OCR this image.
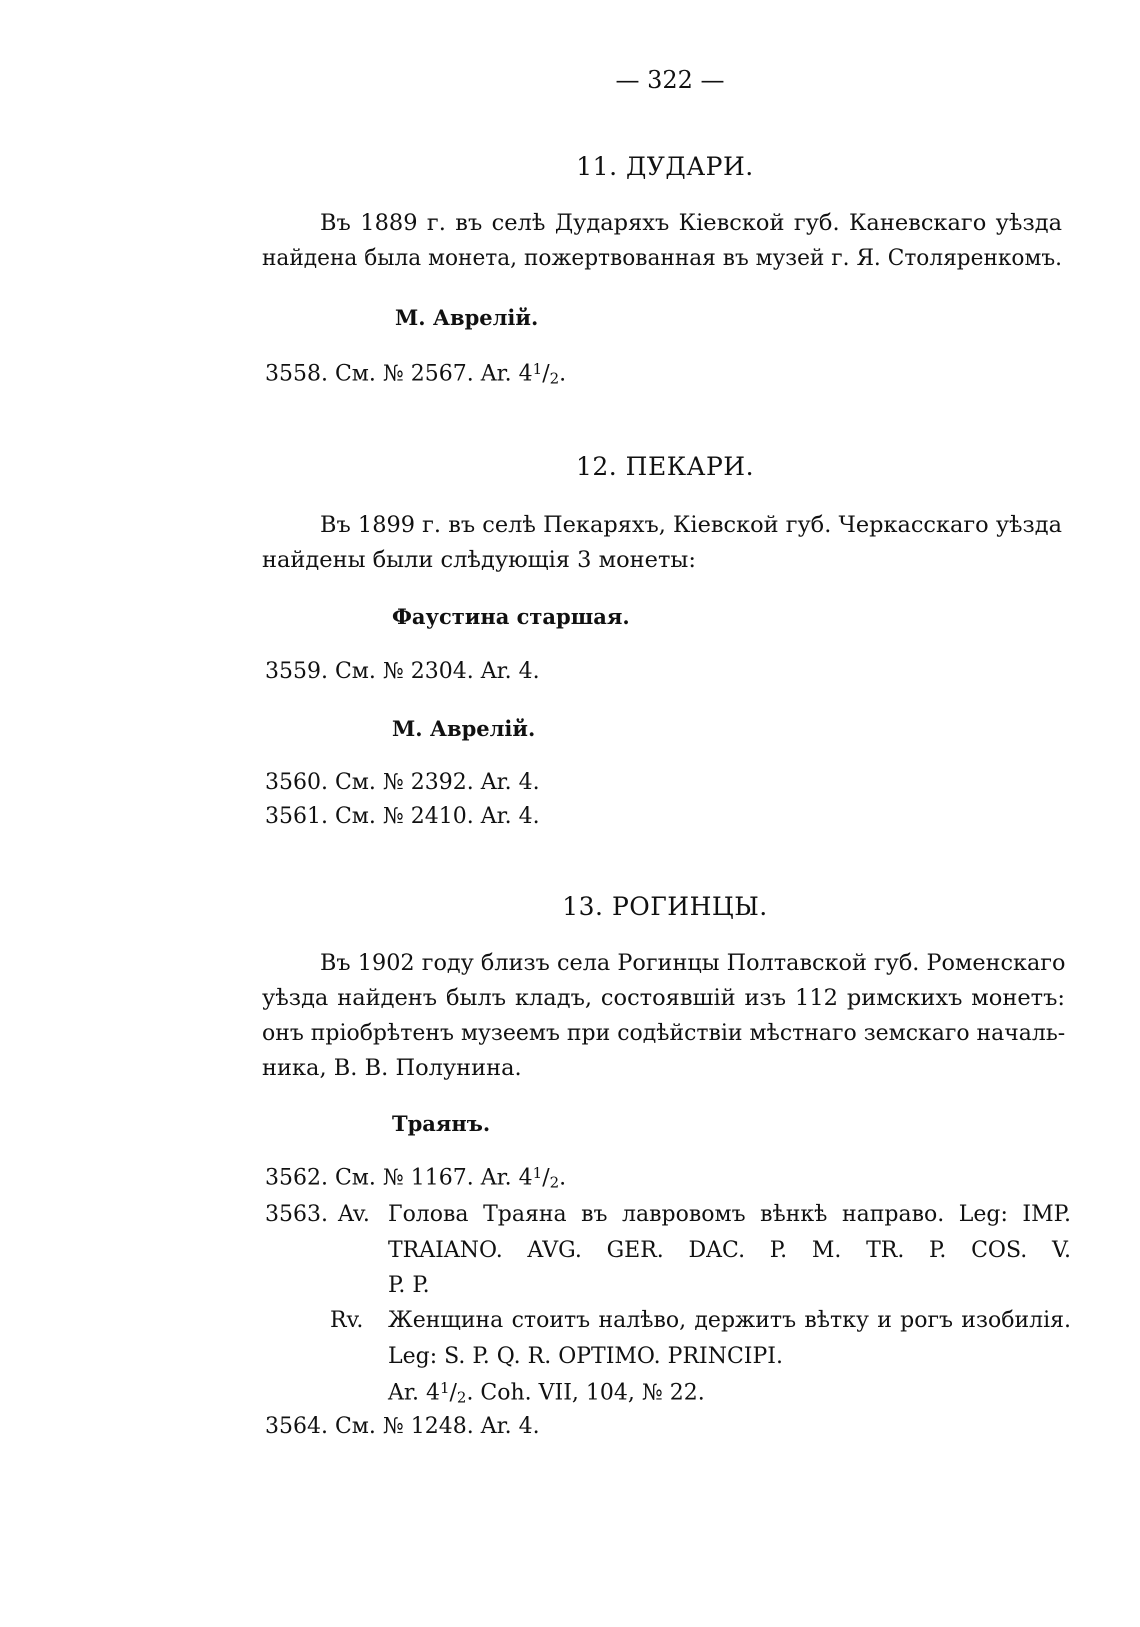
— 322 —
11. ДУДАРИ.
Въ 1889 г. въ селѣ Дударяхъ Кіевской губ. Каневскаго уѣзда
найдена была монета, пожертвованная въ музей г. Я. Столяренкомъ.
М. Аврелій.
3558. См. № 2567. Ar. $4^1/2$.
12. ПЕКАРИ.
Въ 1899 г. въ селѣ Пекаряхъ, Кіевской губ. Черкасскаго уѣзда
найдены были слѣдующія 3 монеты:
Фаустина старшая.
3559. См. № 2304. Ar. 4.
М. Аврелій.
3560. См. № 2392. Ar. 4.
3561. См. № 2410. Ar. 4.
13. РОГИНЦЫ.
Въ 1902 году близъ села Рогинцы Полтавской губ. Роменскаго
уѣзда найденъ былъ кладъ, состоявшій изъ 112 римскихъ монетъ:
онъ пріобрѣтенъ музеемъ при содѣйствіи мѣстнаго земскаго началь-
ника, В. В. Полунина.
Траянъ.
3562. См. № 1167. Ar. $4^1/2$.
3563. Av. Голова Траяна въ лавровомъ вѣнкѣ направо. Leg: IMP.
TRAIANO. AVG. GER. DAC. P. M. TR. P. COS. V.
P. P.
Rv. Женщина стоитъ налѣво, держитъ вѣтку и рогъ изобилія.
Leg: S. P. Q. R. OPTIMO. PRINCIPI.
Ar. $4^1/2$. Coh. VII, 104, № 22.
3564. См. № 1248. Ar. 4.
